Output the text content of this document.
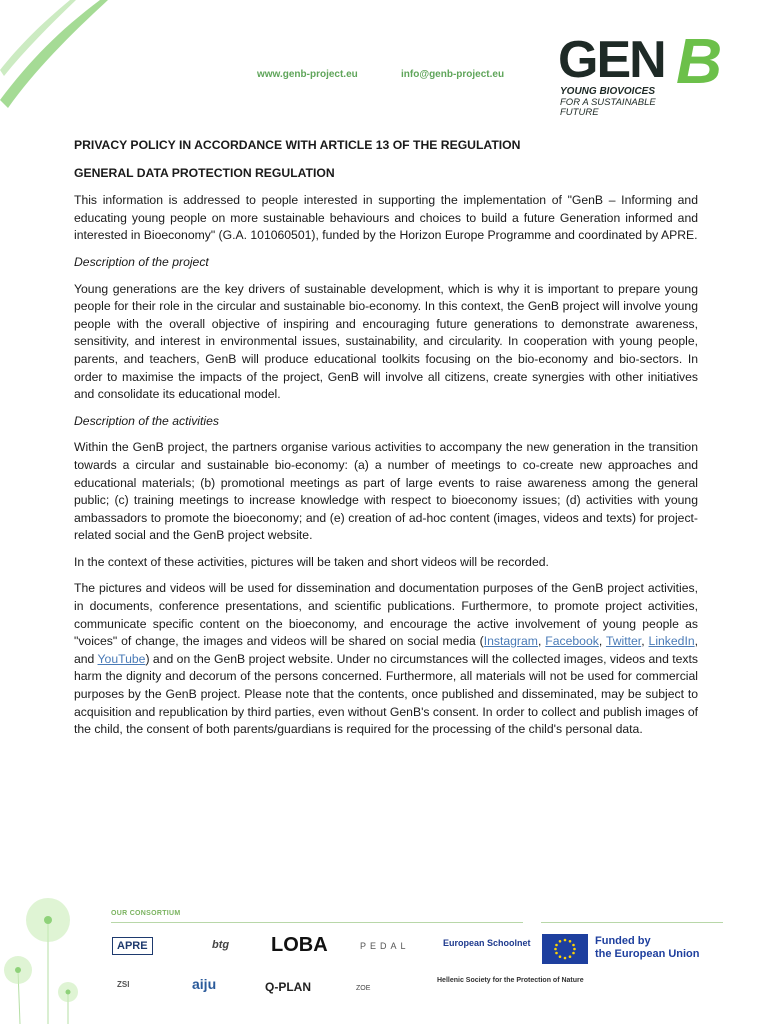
www.genb-project.eu	info@genb-project.eu GEN B
YOUNG BIOVOICES
FOR A SUSTAINABLE
FUTURE
PRIVACY POLICY IN ACCORDANCE WITH ARTICLE 13 OF THE REGULATION
GENERAL DATA PROTECTION REGULATION

This information is addressed to people interested in supporting the implementation of "GenB – Informing and educating young people on more sustainable behaviours and choices to build a future Generation informed and interested in Bioeconomy" (G.A. 101060501), funded by the Horizon Europe Programme and coordinated by APRE.

Description of the project

Young generations are the key drivers of sustainable development, which is why it is important to prepare young people for their role in the circular and sustainable bio-economy. In this context, the GenB project will involve young people with the overall objective of inspiring and encouraging future generations to demonstrate awareness, sensitivity, and interest in environmental issues, sustainability, and circularity. In cooperation with young people, parents, and teachers, GenB will produce educational toolkits focusing on the bio-economy and bio-sectors. In order to maximise the impacts of the project, GenB will involve all citizens, create synergies with other initiatives and consolidate its educational model.

Description of the activities

Within the GenB project, the partners organise various activities to accompany the new generation in the transition towards a circular and sustainable bio-economy: (a) a number of meetings to co-create new approaches and educational materials; (b) promotional meetings as part of large events to raise awareness among the general public; (c) training meetings to increase knowledge with respect to bioeconomy issues; (d) activities with young ambassadors to promote the bioeconomy; and (e) creation of ad-hoc content (images, videos and texts) for project-related social and the GenB project website.

In the context of these activities, pictures will be taken and short videos will be recorded.

The pictures and videos will be used for dissemination and documentation purposes of the GenB project activities, in documents, conference presentations, and scientific publications. Furthermore, to promote project activities, communicate specific content on the bioeconomy, and encourage the active involvement of young people as "voices" of change, the images and videos will be shared on social media (Instagram, Facebook, Twitter, LinkedIn, and YouTube) and on the GenB project website. Under no circumstances will the collected images, videos and texts harm the dignity and decorum of the persons concerned. Furthermore, all materials will not be used for commercial purposes by the GenB project. Please note that the contents, once published and disseminated, may be subject to acquisition and republication by third parties, even without GenB's consent. In order to collect and publish images of the child, the consent of both parents/guardians is required for the processing of the child's personal data.

OUR CONSORTIUM
APRE	btg LOBA	PEDAL	European Schoolnet
ZSI	aiju	Q-PLAN	ZOE
Hellenic Society for the Protection of Nature
Funded by
the European Union
